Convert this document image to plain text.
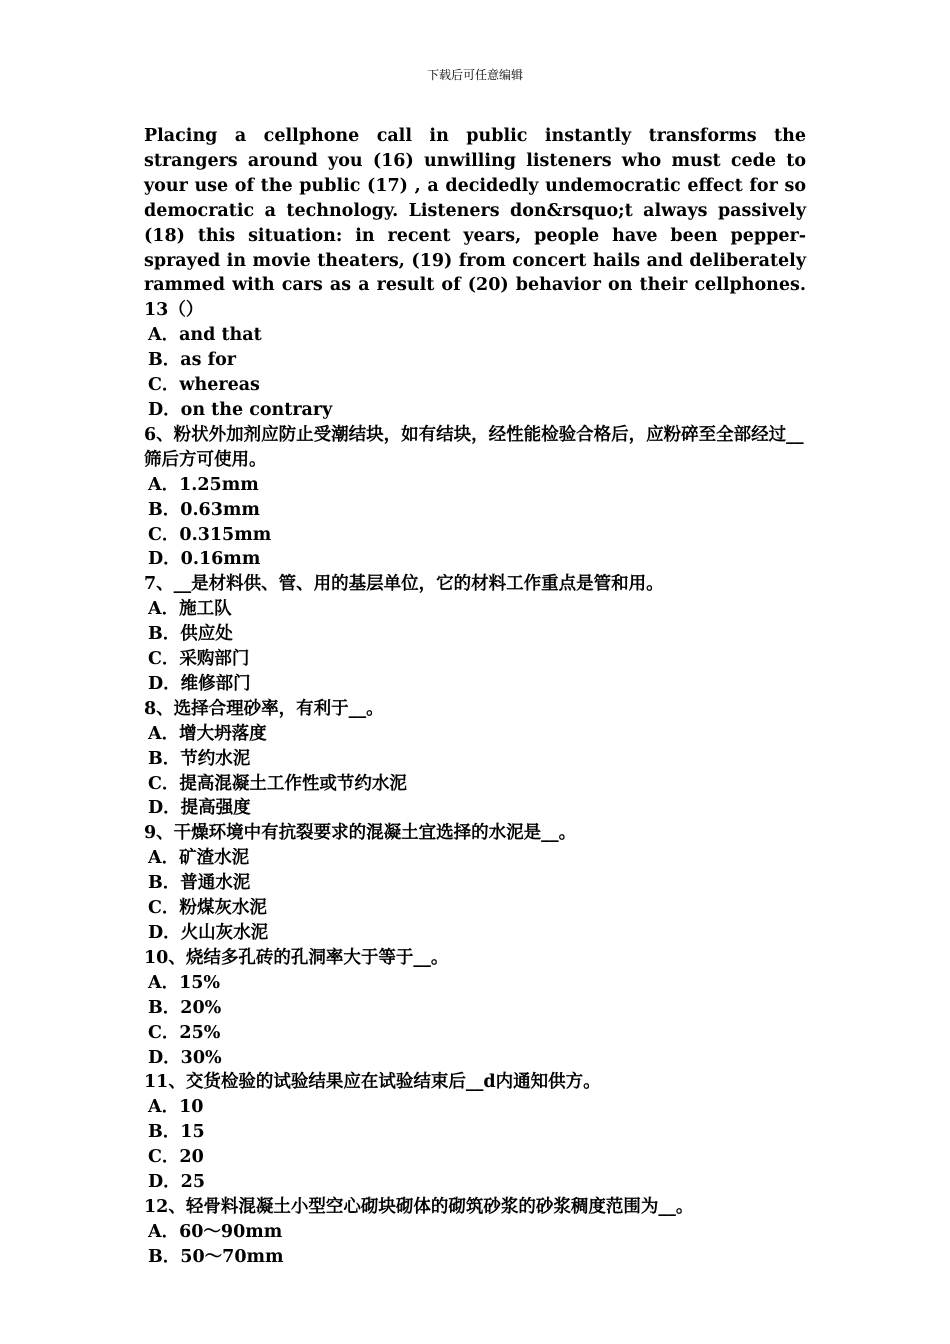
下载后可任意编辑

Placing a cellphone call in public instantly transforms the strangers around you (16) unwilling listeners who must cede to your use of the public (17) , a decidedly undemocratic effect for so democratic a technology. Listeners don&rsquo;t always passively (18) this situation: in recent years, people have been pepper-sprayed in movie theaters, (19) from concert hails and deliberately rammed with cars as a result of (20) behavior on their cellphones. 13（）

A．and that
B．as for
C．whereas
D．on the contrary

6、粉状外加剂应防止受潮结块，如有结块，经性能检验合格后，应粉碎至全部经过__筛后方可使用。

A．1.25mm
B．0.63mm
C．0.315mm
D．0.16mm

7、__是材料供、管、用的基层单位，它的材料工作重点是管和用。

A．施工队
B．供应处
C．采购部门
D．维修部门

8、选择合理砂率，有利于__。

A．增大坍落度
B．节约水泥
C．提高混凝土工作性或节约水泥
D．提高强度

9、干燥环境中有抗裂要求的混凝土宜选择的水泥是__。

A．矿渣水泥
B．普通水泥
C．粉煤灰水泥
D．火山灰水泥

10、烧结多孔砖的孔洞率大于等于__。

A．15%
B．20%
C．25%
D．30%

11、交货检验的试验结果应在试验结束后__d内通知供方。

A．10
B．15
C．20
D．25

12、轻骨料混凝土小型空心砌块砌体的砌筑砂浆的砂浆稠度范围为__。

A．60～90mm
B．50～70mm
